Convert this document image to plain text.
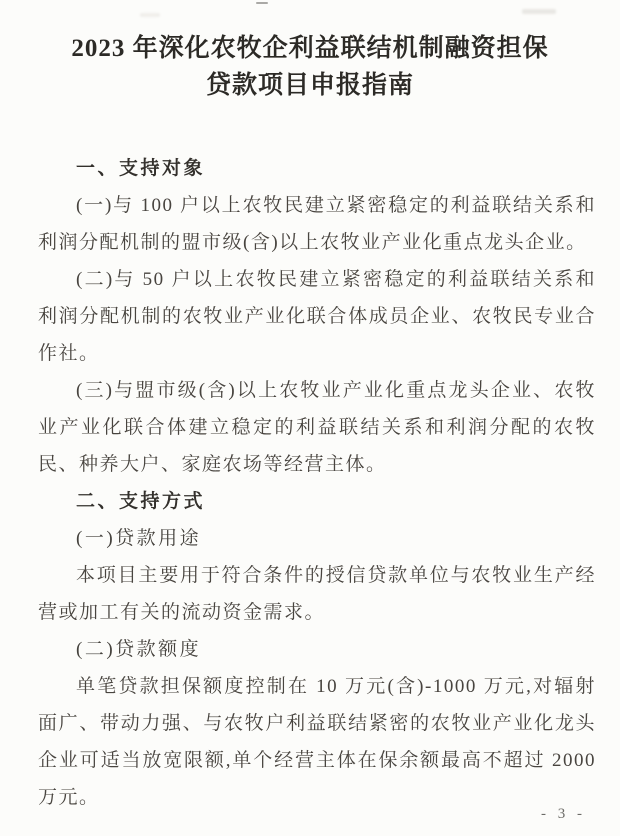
2023 年深化农牧企利益联结机制融资担保
贷款项目申报指南

一、支持对象

(一)与 100 户以上农牧民建立紧密稳定的利益联结关系和利润分配机制的盟市级(含)以上农牧业产业化重点龙头企业。

(二)与 50 户以上农牧民建立紧密稳定的利益联结关系和利润分配机制的农牧业产业化联合体成员企业、农牧民专业合作社。

(三)与盟市级(含)以上农牧业产业化重点龙头企业、农牧业产业化联合体建立稳定的利益联结关系和利润分配的农牧民、种养大户、家庭农场等经营主体。

二、支持方式

(一)贷款用途

本项目主要用于符合条件的授信贷款单位与农牧业生产经营或加工有关的流动资金需求。

(二)贷款额度

单笔贷款担保额度控制在 10 万元(含)-1000 万元,对辐射面广、带动力强、与农牧户利益联结紧密的农牧业产业化龙头企业可适当放宽限额,单个经营主体在保余额最高不超过 2000 万元。

- 3 -
